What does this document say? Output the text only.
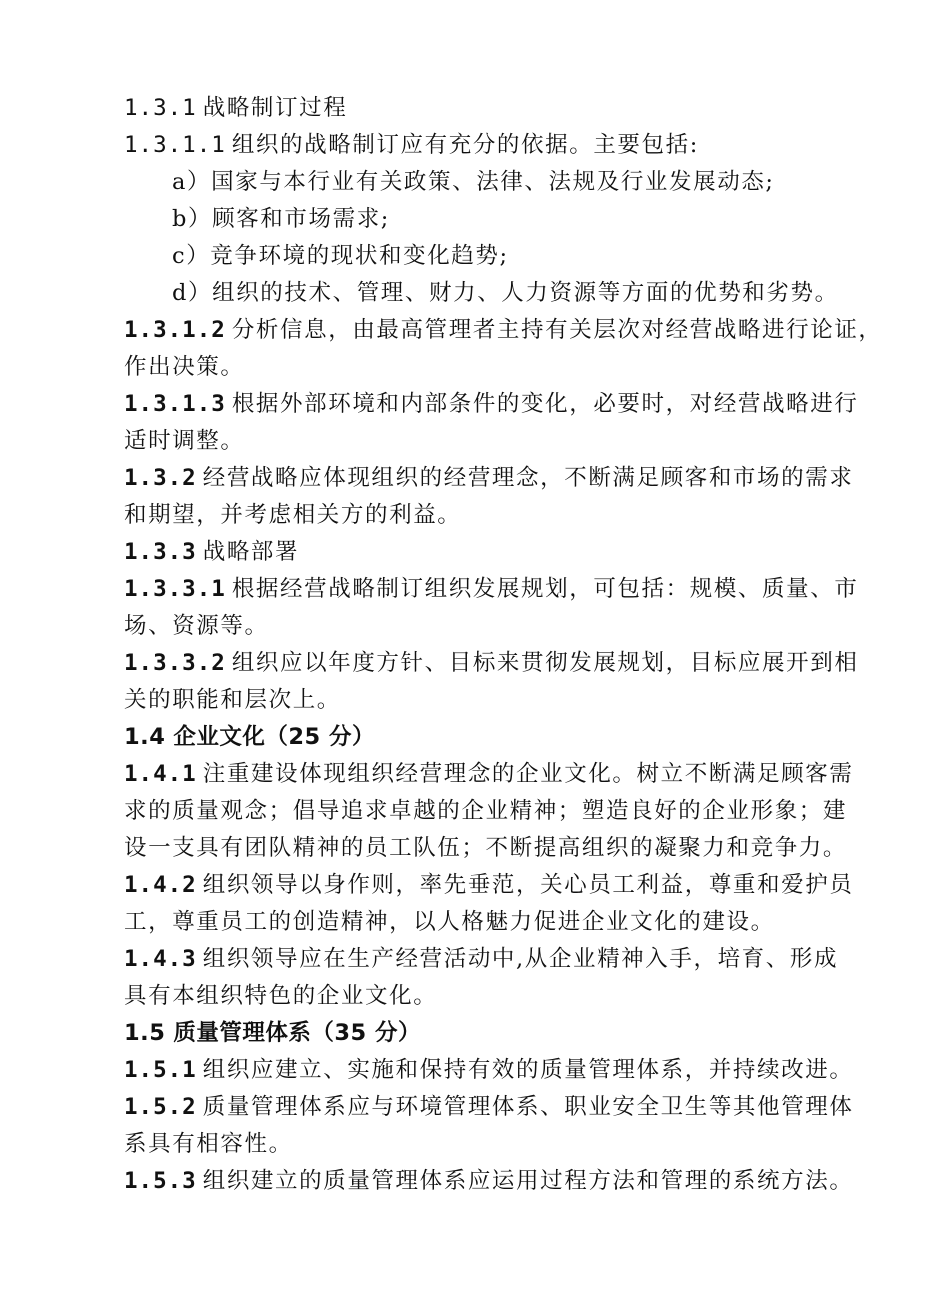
1.3.1 战略制订过程
1.3.1.1 组织的战略制订应有充分的依据。主要包括:
a）国家与本行业有关政策、法律、法规及行业发展动态;
b）顾客和市场需求;
c）竞争环境的现状和变化趋势;
d）组织的技术、管理、财力、人力资源等方面的优势和劣势。
1.3.1.2 分析信息，由最高管理者主持有关层次对经营战略进行论证，
作出决策。
1.3.1.3 根据外部环境和内部条件的变化，必要时，对经营战略进行
适时调整。
1.3.2 经营战略应体现组织的经营理念，不断满足顾客和市场的需求
和期望，并考虑相关方的利益。
1.3.3 战略部署
1.3.3.1 根据经营战略制订组织发展规划，可包括：规模、质量、市
场、资源等。
1.3.3.2 组织应以年度方针、目标来贯彻发展规划，目标应展开到相
关的职能和层次上。
1.4 企业文化（25 分）
1.4.1 注重建设体现组织经营理念的企业文化。树立不断满足顾客需
求的质量观念；倡导追求卓越的企业精神；塑造良好的企业形象；建
设一支具有团队精神的员工队伍；不断提高组织的凝聚力和竞争力。
1.4.2 组织领导以身作则，率先垂范，关心员工利益，尊重和爱护员
工，尊重员工的创造精神，以人格魅力促进企业文化的建设。
1.4.3 组织领导应在生产经营活动中,从企业精神入手，培育、形成
具有本组织特色的企业文化。
1.5 质量管理体系（35 分）
1.5.1 组织应建立、实施和保持有效的质量管理体系，并持续改进。
1.5.2 质量管理体系应与环境管理体系、职业安全卫生等其他管理体
系具有相容性。
1.5.3 组织建立的质量管理体系应运用过程方法和管理的系统方法。
